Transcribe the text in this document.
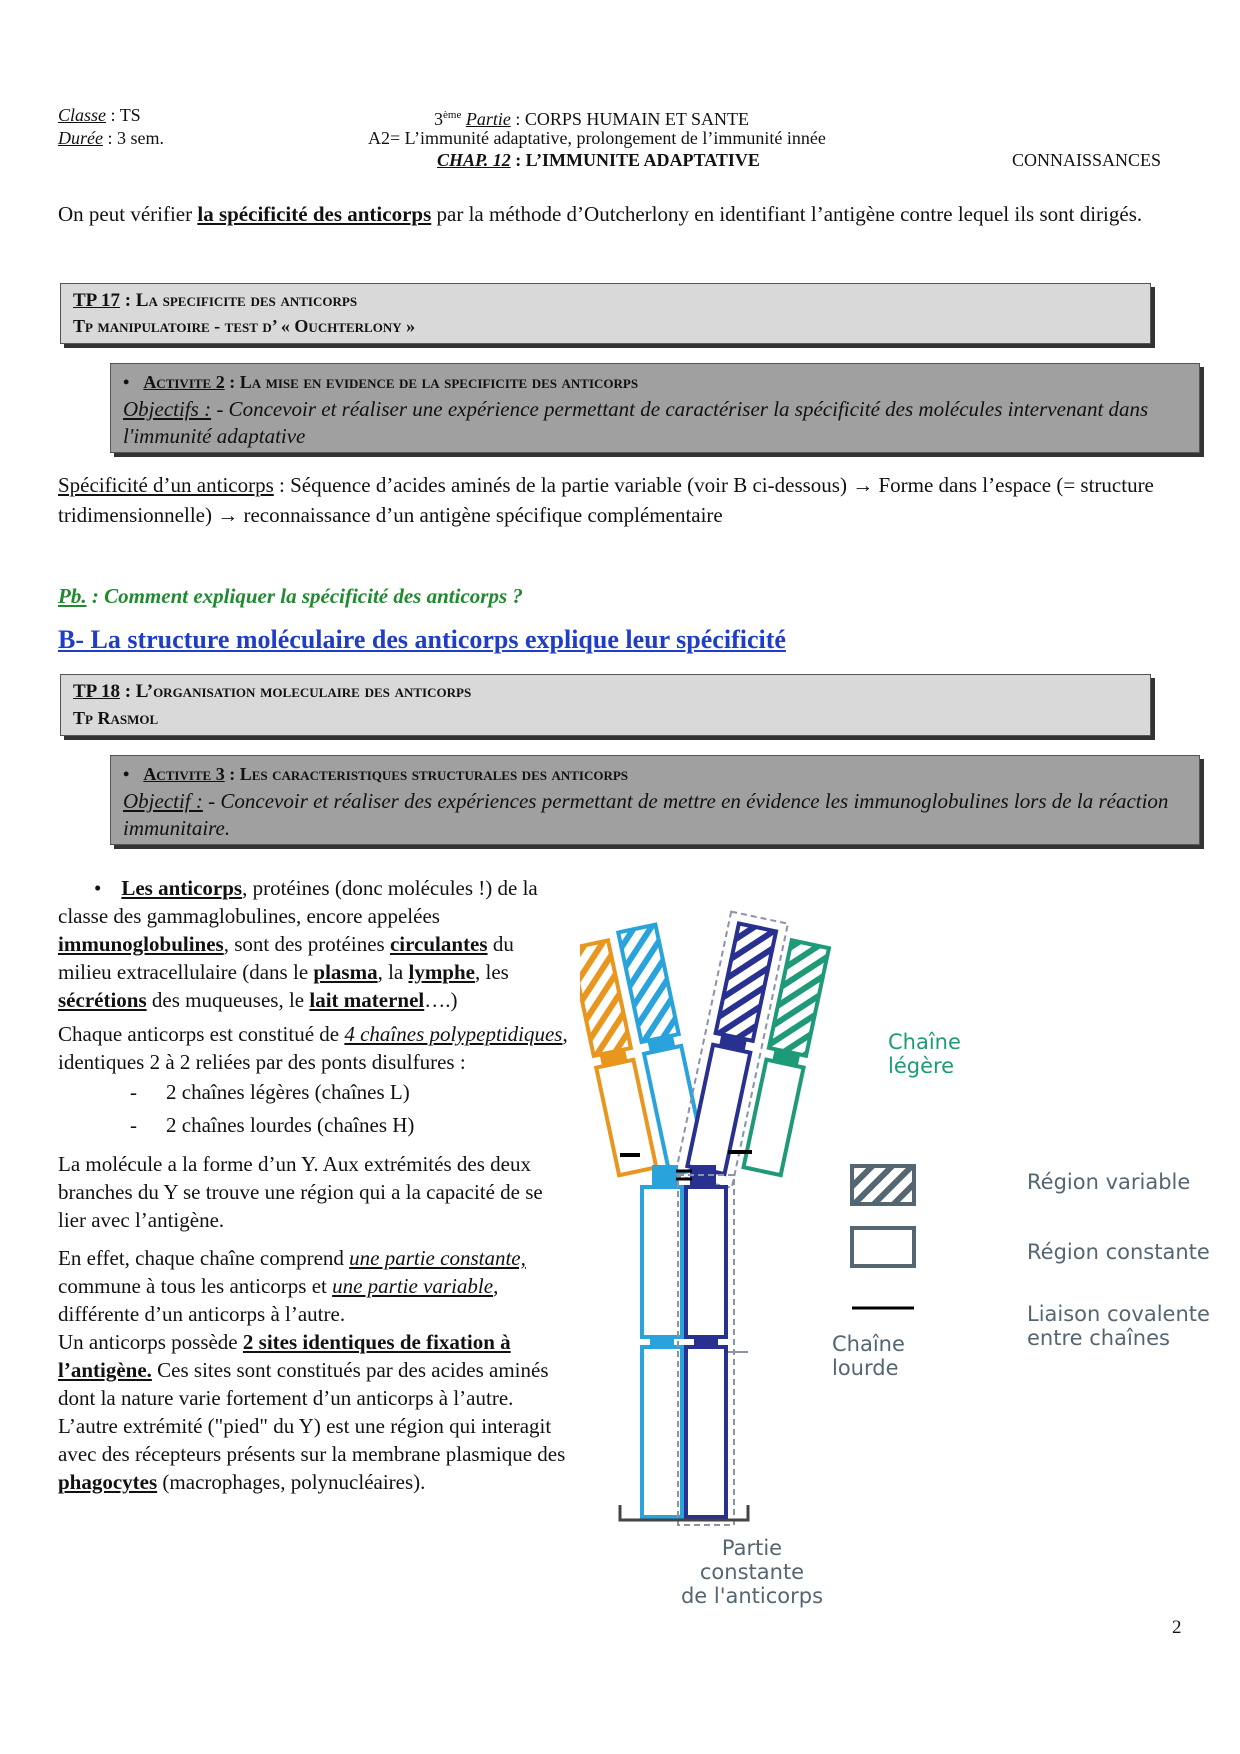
Classe : TS
Durée : 3 sem.
3ème Partie : CORPS HUMAIN ET SANTE
A2= L’immunité adaptative, prolongement de l’immunité innée
CHAP. 12 : L’IMMUNITE ADAPTATIVE	CONNAISSANCES
On peut vérifier la spécificité des anticorps par la méthode d’Outcherlony en identifiant l’antigène contre lequel ils sont dirigés.
TP 17 : La specificite des anticorps
Tp manipulatoire - test d’ « Ouchterlony »
• Activite 2 : La mise en evidence de la specificite des anticorps
Objectifs : - Concevoir et réaliser une expérience permettant de caractériser la spécificité des molécules intervenant dans l'immunité adaptative
Spécificité d’un anticorps : Séquence d’acides aminés de la partie variable (voir B ci-dessous) → Forme dans l’espace (= structure tridimensionnelle) → reconnaissance d’un antigène spécifique complémentaire
Pb. : Comment expliquer la spécificité des anticorps ?
B- La structure moléculaire des anticorps explique leur spécificité
TP 18 : L’organisation moleculaire des anticorps
Tp Rasmol
• Activite 3 : Les caracteristiques structurales des anticorps
Objectif : - Concevoir et réaliser des expériences permettant de mettre en évidence les immunoglobulines lors de la réaction immunitaire.
• Les anticorps, protéines (donc molécules !) de la classe des gammaglobulines, encore appelées immunoglobulines, sont des protéines circulantes du milieu extracellulaire (dans le plasma, la lymphe, les sécrétions des muqueuses, le lait maternel….)
Chaque anticorps est constitué de 4 chaînes polypeptidiques, identiques 2 à 2 reliées par des ponts disulfures :
- 2 chaînes légères (chaînes L)
- 2 chaînes lourdes (chaînes H)
La molécule a la forme d’un Y. Aux extrémités des deux branches du Y se trouve une région qui a la capacité de se lier avec l’antigène.
En effet, chaque chaîne comprend une partie constante, commune à tous les anticorps et une partie variable, différente d’un anticorps à l’autre.
Un anticorps possède 2 sites identiques de fixation à l’antigène. Ces sites sont constitués par des acides aminés dont la nature varie fortement d’un anticorps à l’autre.
L’autre extrémité ("pied" du Y) est une région qui interagit avec des récepteurs présents sur la membrane plasmique des phagocytes (macrophages, polynucléaires).
Chaîne
légère
Chaîne
lourde
Partie constante
de l'anticorps
Région variable
Région constante
Liaison covalente
entre chaînes
2
